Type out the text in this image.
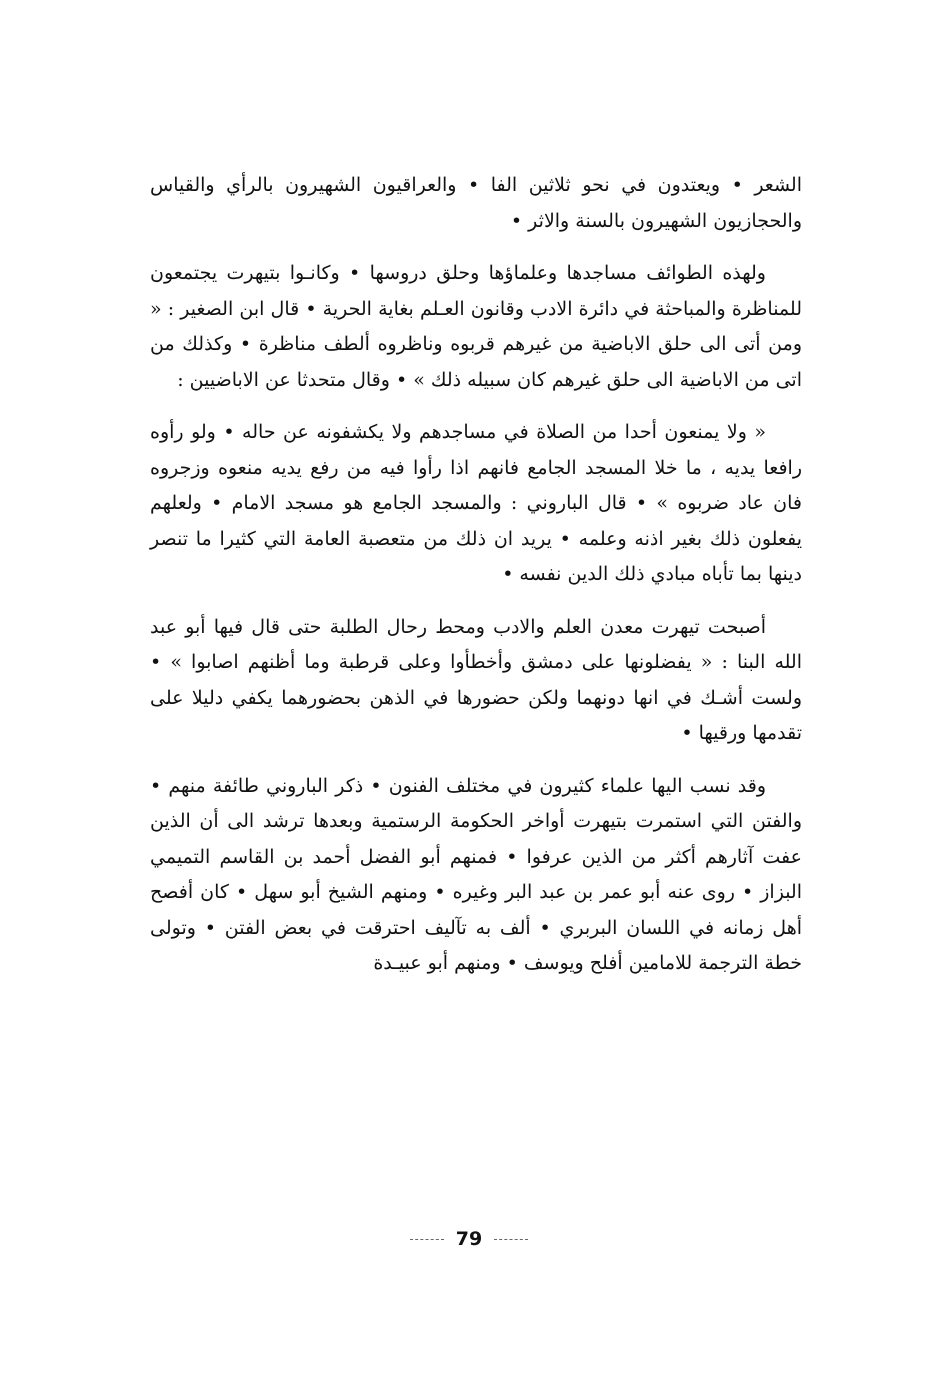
الشعر • ويعتدون في نحو ثلاثين الفا • والعراقيون الشهيرون بالرأي والقياس والحجازيون الشهيرون بالسنة والاثر •

ولهذه الطوائف مساجدها وعلماؤها وحلق دروسها • وكانـوا بتيهرت يجتمعون للمناظرة والمباحثة في دائرة الادب وقانون العـلم بغاية الحرية • قال ابن الصغير : « ومن أتى الى حلق الاباضية من غيرهم قربوه وناظروه ألطف مناظرة • وكذلك من اتى من الاباضية الى حلق غيرهم كان سبيله ذلك » • وقال متحدثا عن الاباضيين :

« ولا يمنعون أحدا من الصلاة في مساجدهم ولا يكشفونه عن حاله • ولو رأوه رافعا يديه ، ما خلا المسجد الجامع فانهم اذا رأوا فيه من رفع يديه منعوه وزجروه فان عاد ضربوه » • قال الباروني : والمسجد الجامع هو مسجد الامام • ولعلهم يفعلون ذلك بغير اذنه وعلمه • يريد ان ذلك من متعصبة العامة التي كثيرا ما تنصر دينها بما تأباه مبادي ذلك الدين نفسه •

أصبحت تيهرت معدن العلم والادب ومحط رحال الطلبة حتى قال فيها أبو عبد الله البنا : « يفضلونها على دمشق وأخطأوا وعلى قرطبة وما أظنهم اصابوا » • ولست أشـك في انها دونهما ولكن حضورها في الذهن بحضورهما يكفي دليلا على تقدمها ورقيها •

وقد نسب اليها علماء كثيرون في مختلف الفنون • ذكر الباروني طائفة منهم • والفتن التي استمرت بتيهرت أواخر الحكومة الرستمية وبعدها ترشد الى أن الذين عفت آثارهم أكثر من الذين عرفوا • فمنهم أبو الفضل أحمد بن القاسم التميمي البزاز • روى عنه أبو عمر بن عبد البر وغيره • ومنهم الشيخ أبو سهل • كان أفصح أهل زمانه في اللسان البربري • ألف به تآليف احترقت في بعض الفتن • وتولى خطة الترجمة للامامين أفلح ويوسف • ومنهم أبو عبيـدة

79
